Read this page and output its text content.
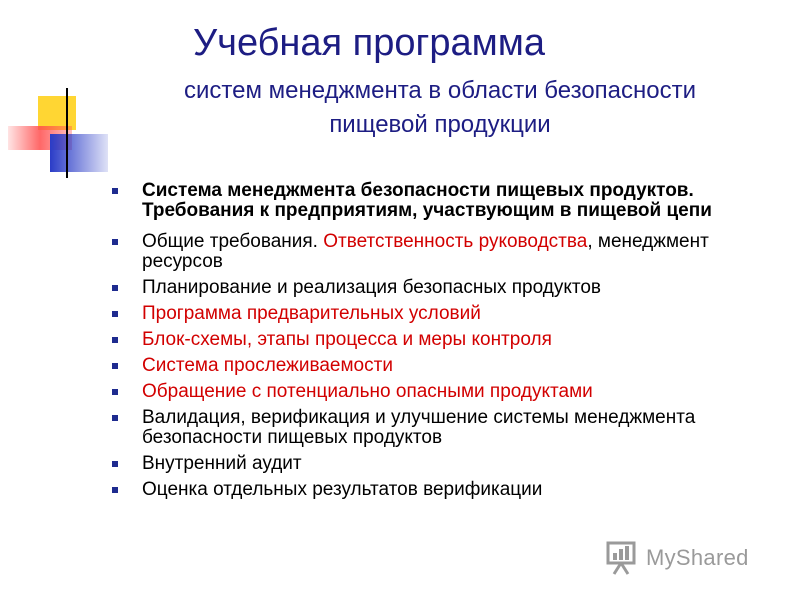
Учебная программа
систем менеджмента в области безопасности
пищевой продукции
Система менеджмента безопасности пищевых продуктов. Требования к предприятиям, участвующим в пищевой цепи
Общие требования. Ответственность руководства, менеджмент ресурсов
Планирование и реализация безопасных продуктов
Программа предварительных условий
Блок-схемы, этапы процесса и меры контроля
Система прослеживаемости
Обращение с потенциально опасными продуктами
Валидация, верификация и улучшение системы менеджмента безопасности пищевых продуктов
Внутренний аудит
Оценка отдельных результатов верификации
MyShared
